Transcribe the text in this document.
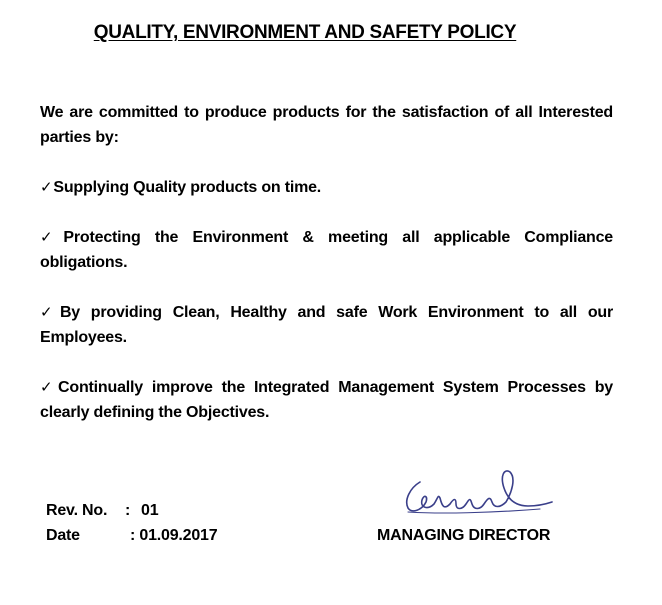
QUALITY, ENVIRONMENT AND SAFETY POLICY
We are committed to produce products for the satisfaction of all Interested parties by:
✓Supplying Quality products on time.
✓Protecting the Environment & meeting all applicable Compliance obligations.
✓By providing Clean, Healthy and safe Work Environment to all our Employees.
✓Continually improve the Integrated Management System Processes by clearly defining the Objectives.
Rev. No.	: 01
Date	: 01.09.2017	MANAGING DIRECTOR
